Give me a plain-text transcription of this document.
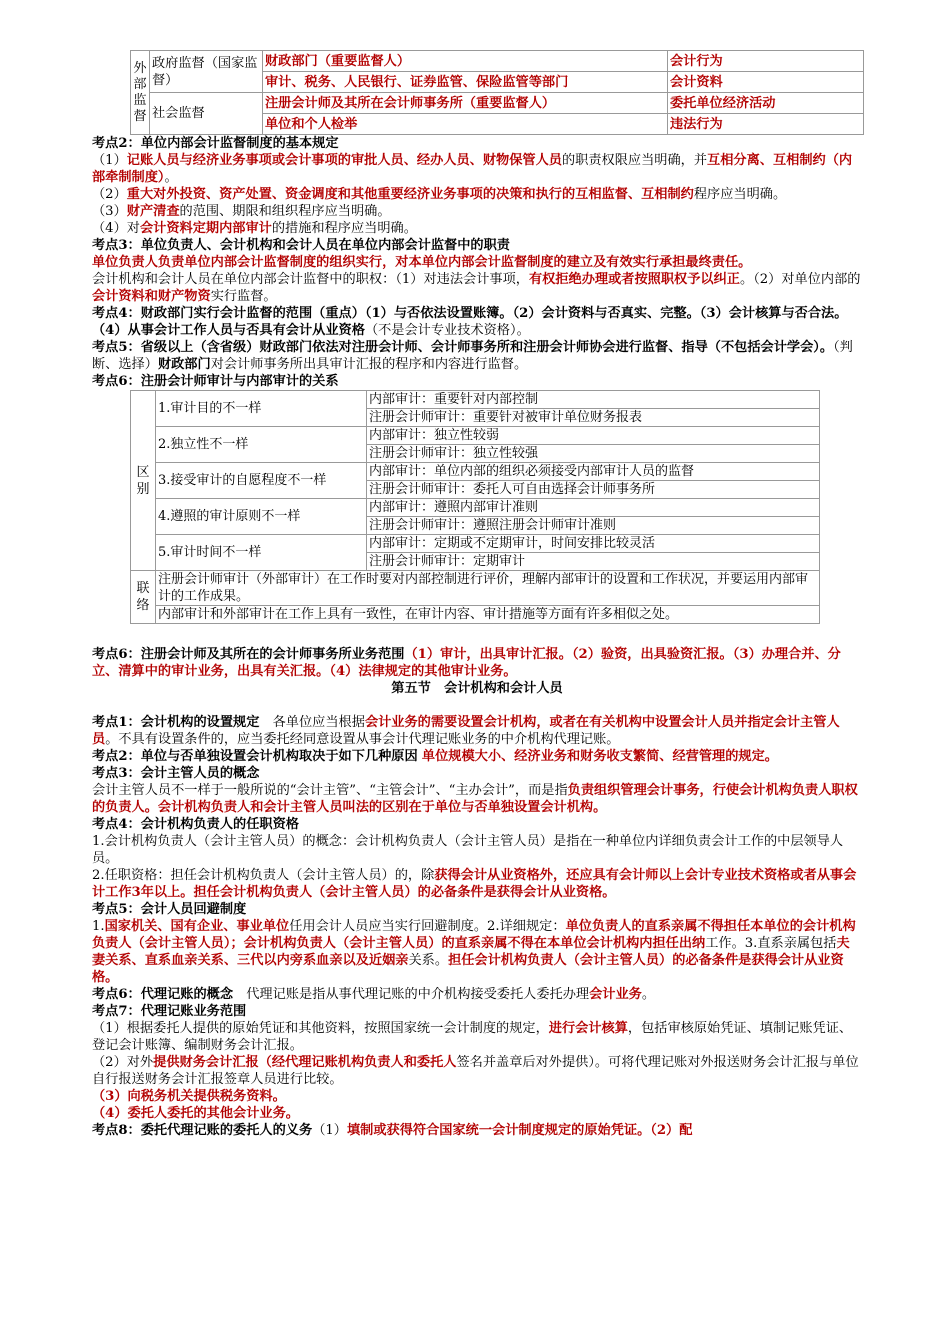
外部监督	政府监督（国家监督）	财政部门（重要监督人）	会计行为
		审计、税务、人民银行、证券监管、保险监管等部门	会计资料
	社会监督	注册会计师及其所在会计师事务所（重要监督人）	委托单位经济活动
		单位和个人检举	违法行为

考点2：单位内部会计监督制度的基本规定

（1）记账人员与经济业务事项或会计事项的审批人员、经办人员、财物保管人员的职责权限应当明确，并互相分离、互相制约（内部牵制制度）。

（2）重大对外投资、资产处置、资金调度和其他重要经济业务事项的决策和执行的互相监督、互相制约程序应当明确。

（3）财产清查的范围、期限和组织程序应当明确。

（4）对会计资料定期内部审计的措施和程序应当明确。

考点3：单位负责人、会计机构和会计人员在单位内部会计监督中的职责

单位负责人负责单位内部会计监督制度的组织实行，对本单位内部会计监督制度的建立及有效实行承担最终责任。

会计机构和会计人员在单位内部会计监督中的职权：（1）对违法会计事项，有权拒绝办理或者按照职权予以纠正。（2）对单位内部的会计资料和财产物资实行监督。

考点4：财政部门实行会计监督的范围（重点）（1）与否依法设置账簿。（2）会计资料与否真实、完整。（3）会计核算与否合法。（4）从事会计工作人员与否具有会计从业资格（不是会计专业技术资格）。

考点5：省级以上（含省级）财政部门依法对注册会计师、会计师事务所和注册会计师协会进行监督、指导（不包括会计学会）。（判断、选择）财政部门对会计师事务所出具审计汇报的程序和内容进行监督。

考点6：注册会计师审计与内部审计的关系

区别	1.审计目的不一样	内部审计：重要针对内部控制
		注册会计师审计：重要针对被审计单位财务报表
	2.独立性不一样	内部审计：独立性较弱
		注册会计师审计：独立性较强
	3.接受审计的自愿程度不一样	内部审计：单位内部的组织必须接受内部审计人员的监督
		注册会计师审计：委托人可自由选择会计师事务所
	4.遵照的审计原则不一样	内部审计：遵照内部审计准则
		注册会计师审计：遵照注册会计师审计准则
	5.审计时间不一样	内部审计：定期或不定期审计，时间安排比较灵活
		注册会计师审计：定期审计
联络	注册会计师审计（外部审计）在工作时要对内部控制进行评价，理解内部审计的设置和工作状况，并要运用内部审计的工作成果。	
	内部审计和外部审计在工作上具有一致性，在审计内容、审计措施等方面有许多相似之处。	

考点6：注册会计师及其所在的会计师事务所业务范围（1）审计，出具审计汇报。（2）验资，出具验资汇报。（3）办理合并、分立、清算中的审计业务，出具有关汇报。（4）法律规定的其他审计业务。

第五节　会计机构和会计人员

考点1：会计机构的设置规定　各单位应当根据会计业务的需要设置会计机构，或者在有关机构中设置会计人员并指定会计主管人员。不具有设置条件的，应当委托经同意设置从事会计代理记账业务的中介机构代理记账。

考点2：单位与否单独设置会计机构取决于如下几种原因 单位规模大小、经济业务和财务收支繁简、经营管理的规定。

考点3：会计主管人员的概念

会计主管人员不一样于一般所说的“会计主管”、“主管会计”、“主办会计”，而是指负责组织管理会计事务，行使会计机构负责人职权的负责人。会计机构负责人和会计主管人员叫法的区别在于单位与否单独设置会计机构。

考点4：会计机构负责人的任职资格

1.会计机构负责人（会计主管人员）的概念：会计机构负责人（会计主管人员）是指在一种单位内详细负责会计工作的中层领导人员。

2.任职资格：担任会计机构负责人（会计主管人员）的，除获得会计从业资格外，还应具有会计师以上会计专业技术资格或者从事会计工作3年以上。担任会计机构负责人（会计主管人员）的必备条件是获得会计从业资格。

考点5：会计人员回避制度

1.国家机关、国有企业、事业单位任用会计人员应当实行回避制度。2.详细规定：单位负责人的直系亲属不得担任本单位的会计机构负责人（会计主管人员）；会计机构负责人（会计主管人员）的直系亲属不得在本单位会计机构内担任出纳工作。3.直系亲属包括夫妻关系、直系血亲关系、三代以内旁系血亲以及近姻亲关系。担任会计机构负责人（会计主管人员）的必备条件是获得会计从业资格。

考点6：代理记账的概念　代理记账是指从事代理记账的中介机构接受委托人委托办理会计业务。

考点7：代理记账业务范围

（1）根据委托人提供的原始凭证和其他资料，按照国家统一会计制度的规定，进行会计核算，包括审核原始凭证、填制记账凭证、登记会计账簿、编制财务会计汇报。

（2）对外提供财务会计汇报（经代理记账机构负责人和委托人签名并盖章后对外提供）。可将代理记账对外报送财务会计汇报与单位自行报送财务会计汇报签章人员进行比较。

（3）向税务机关提供税务资料。

（4）委托人委托的其他会计业务。

考点8：委托代理记账的委托人的义务（1）填制或获得符合国家统一会计制度规定的原始凭证。（2）配
